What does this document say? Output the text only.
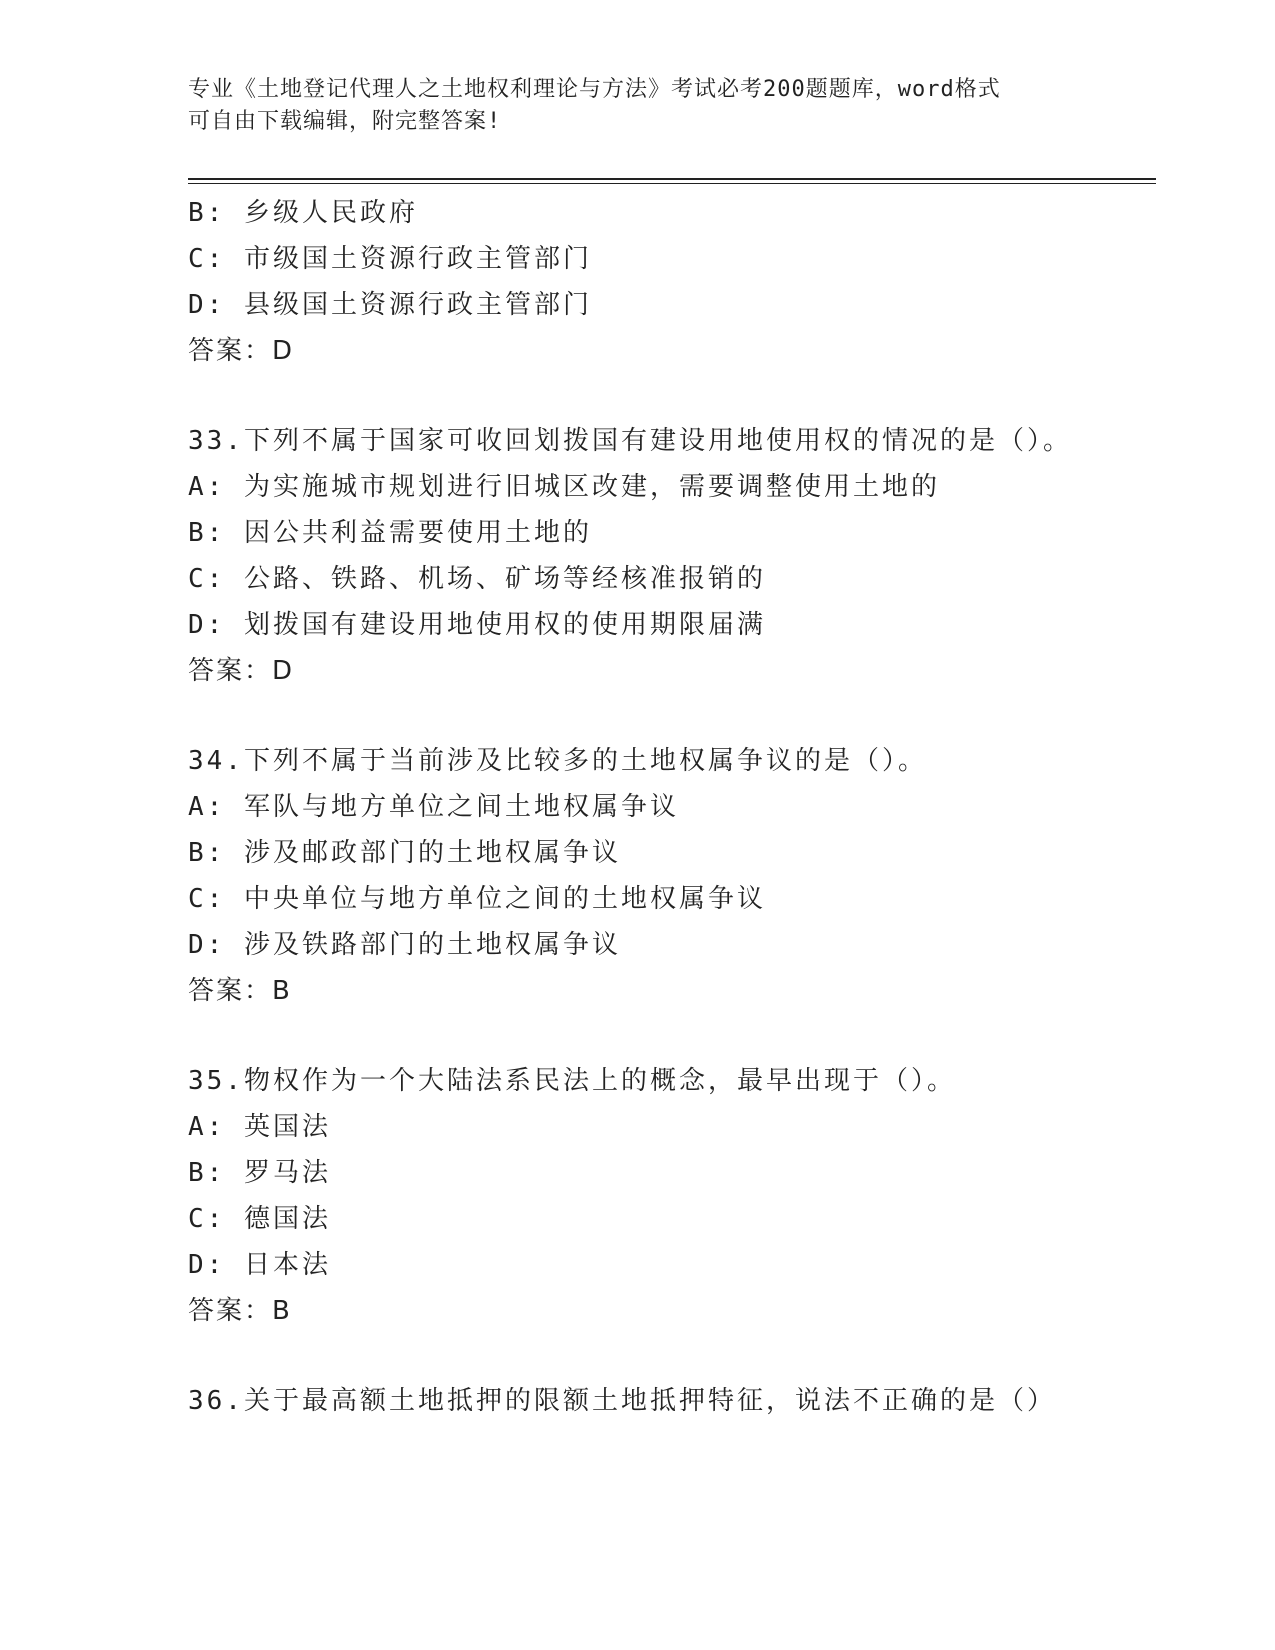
专业《土地登记代理人之土地权利理论与方法》考试必考200题题库，word格式
可自由下载编辑，附完整答案!
B: 乡级人民政府
C: 市级国土资源行政主管部门
D: 县级国土资源行政主管部门
答案：D
33.下列不属于国家可收回划拨国有建设用地使用权的情况的是（）。
A: 为实施城市规划进行旧城区改建，需要调整使用土地的
B: 因公共利益需要使用土地的
C: 公路、铁路、机场、矿场等经核准报销的
D: 划拨国有建设用地使用权的使用期限届满
答案：D
34.下列不属于当前涉及比较多的土地权属争议的是（）。
A: 军队与地方单位之间土地权属争议
B: 涉及邮政部门的土地权属争议
C: 中央单位与地方单位之间的土地权属争议
D: 涉及铁路部门的土地权属争议
答案：B
35.物权作为一个大陆法系民法上的概念，最早出现于（）。
A: 英国法
B: 罗马法
C: 德国法
D: 日本法
答案：B
36.关于最高额土地抵押的限额土地抵押特征，说法不正确的是（）
